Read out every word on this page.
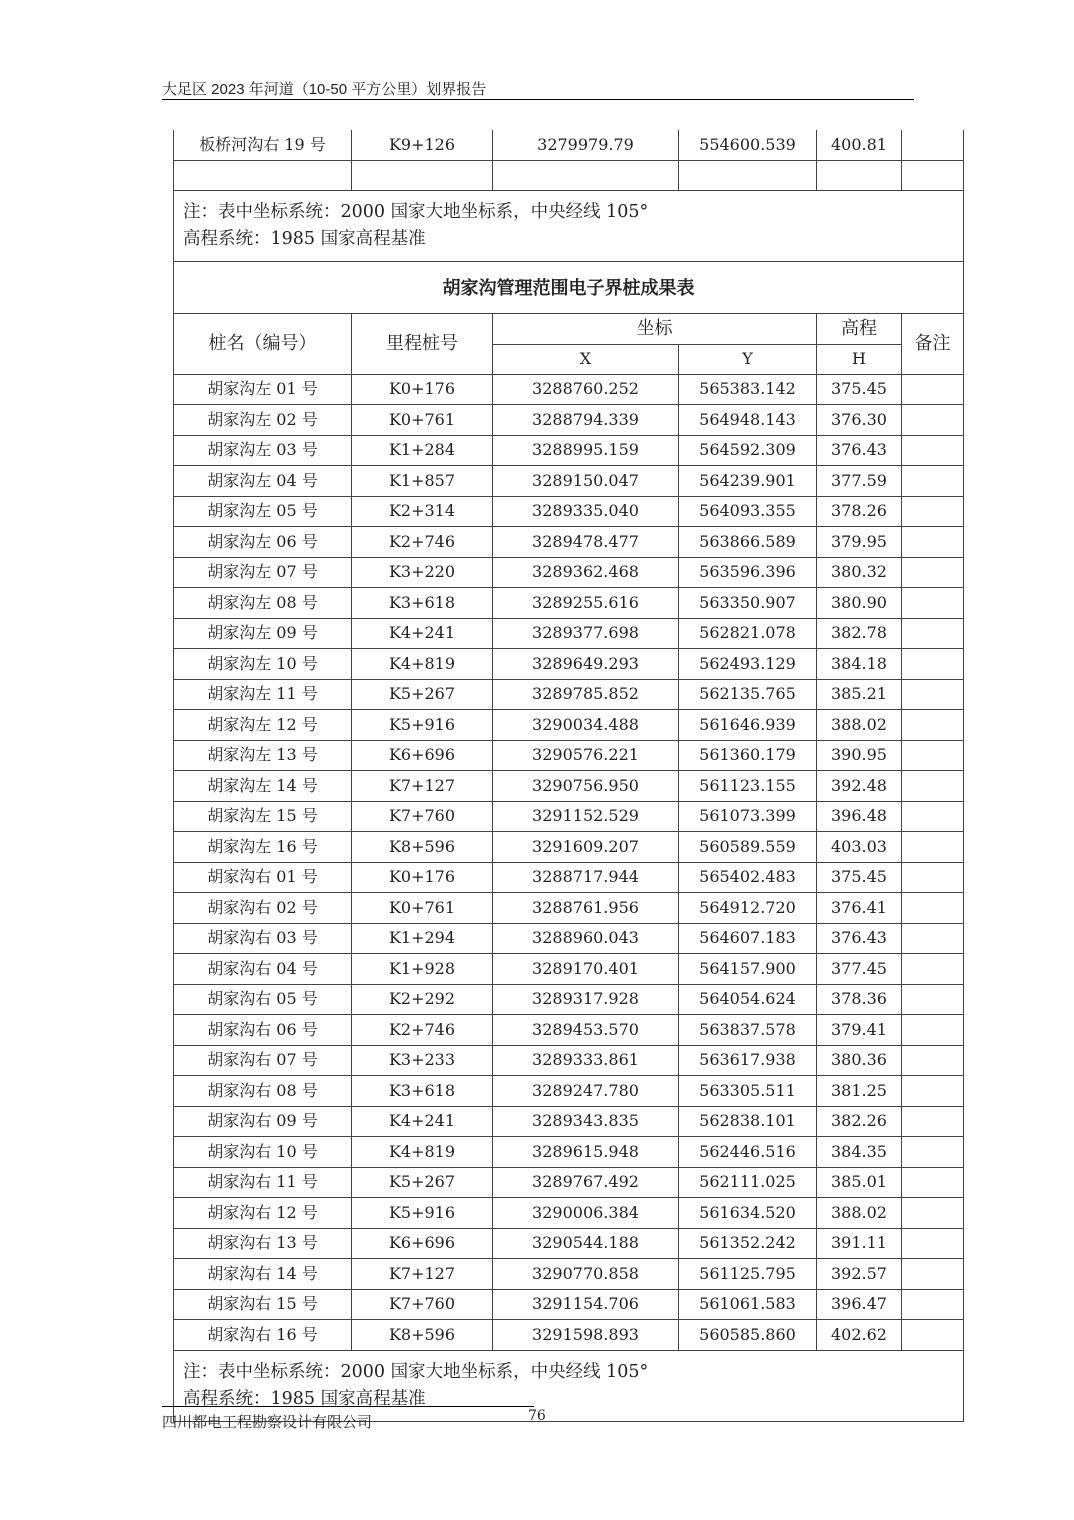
大足区 2023 年河道（10-50 平方公里）划界报告
板桥河沟右 19 号	K9+126	3279979.79	554600.539	400.81	

注：表中坐标系统：2000 国家大地坐标系，中央经线 105°
高程系统：1985 国家高程基准					

胡家沟管理范围电子界桩成果表					
桩名（编号）	里程桩号	坐标		高程	备注
		X	Y	H	
胡家沟左 01 号	K0+176	3288760.252	565383.142	375.45	
胡家沟左 02 号	K0+761	3288794.339	564948.143	376.30	
胡家沟左 03 号	K1+284	3288995.159	564592.309	376.43	
胡家沟左 04 号	K1+857	3289150.047	564239.901	377.59	
胡家沟左 05 号	K2+314	3289335.040	564093.355	378.26	
胡家沟左 06 号	K2+746	3289478.477	563866.589	379.95	
胡家沟左 07 号	K3+220	3289362.468	563596.396	380.32	
胡家沟左 08 号	K3+618	3289255.616	563350.907	380.90	
胡家沟左 09 号	K4+241	3289377.698	562821.078	382.78	
胡家沟左 10 号	K4+819	3289649.293	562493.129	384.18	
胡家沟左 11 号	K5+267	3289785.852	562135.765	385.21	
胡家沟左 12 号	K5+916	3290034.488	561646.939	388.02	
胡家沟左 13 号	K6+696	3290576.221	561360.179	390.95	
胡家沟左 14 号	K7+127	3290756.950	561123.155	392.48	
胡家沟左 15 号	K7+760	3291152.529	561073.399	396.48	
胡家沟左 16 号	K8+596	3291609.207	560589.559	403.03	
胡家沟右 01 号	K0+176	3288717.944	565402.483	375.45	
胡家沟右 02 号	K0+761	3288761.956	564912.720	376.41	
胡家沟右 03 号	K1+294	3288960.043	564607.183	376.43	
胡家沟右 04 号	K1+928	3289170.401	564157.900	377.45	
胡家沟右 05 号	K2+292	3289317.928	564054.624	378.36	
胡家沟右 06 号	K2+746	3289453.570	563837.578	379.41	
胡家沟右 07 号	K3+233	3289333.861	563617.938	380.36	
胡家沟右 08 号	K3+618	3289247.780	563305.511	381.25	
胡家沟右 09 号	K4+241	3289343.835	562838.101	382.26	
胡家沟右 10 号	K4+819	3289615.948	562446.516	384.35	
胡家沟右 11 号	K5+267	3289767.492	562111.025	385.01	
胡家沟右 12 号	K5+916	3290006.384	561634.520	388.02	
胡家沟右 13 号	K6+696	3290544.188	561352.242	391.11	
胡家沟右 14 号	K7+127	3290770.858	561125.795	392.57	
胡家沟右 15 号	K7+760	3291154.706	561061.583	396.47	
胡家沟右 16 号	K8+596	3291598.893	560585.860	402.62	

注：表中坐标系统：2000 国家大地坐标系，中央经线 105°
高程系统：1985 国家高程基准					
四川都电工程勘察设计有限公司	76
